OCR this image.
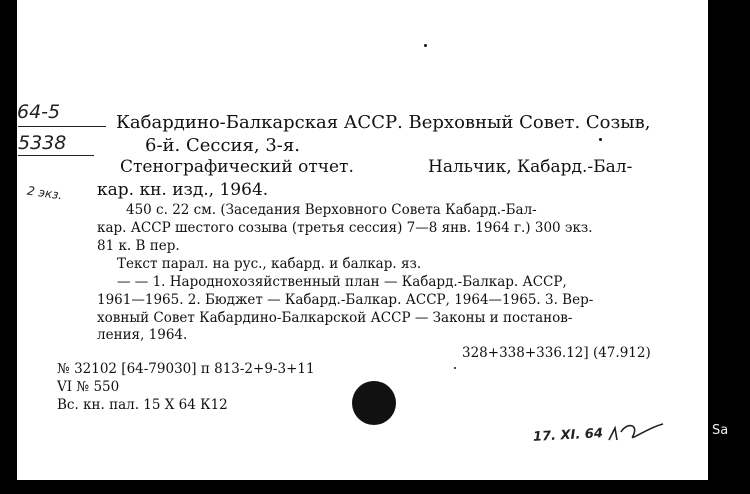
64-5
5338
2 экз.
Кабардино-Балкарская АССР. Верховный Совет. Созыв,
6-й. Сессия, 3-я.
Стенографический отчет.	Нальчик, Кабард.-Бал-
кар. кн. изд., 1964.
450 с. 22 см. (Заседания Верховного Совета Кабард.-Бал-
кар. АССР шестого созыва (третья сессия) 7—8 янв. 1964 г.) 300 экз.
81 к. В пер.
Текст парал. на рус., кабард. и балкар. яз.
— — 1. Народнохозяйственный план — Кабард.-Балкар. АССР,
1961—1965. 2. Бюджет — Кабард.-Балкар. АССР, 1964—1965. 3. Вер-
ховный Совет Кабардино-Балкарской АССР — Законы и постанов-
ления, 1964.
328+338+336.12] (47.912)
№ 32102 [64-79030] п 813-2+9-3+11
VI № 550
Вс. кн. пал. 15 X 64 К12
17. XI. 64	Sa
